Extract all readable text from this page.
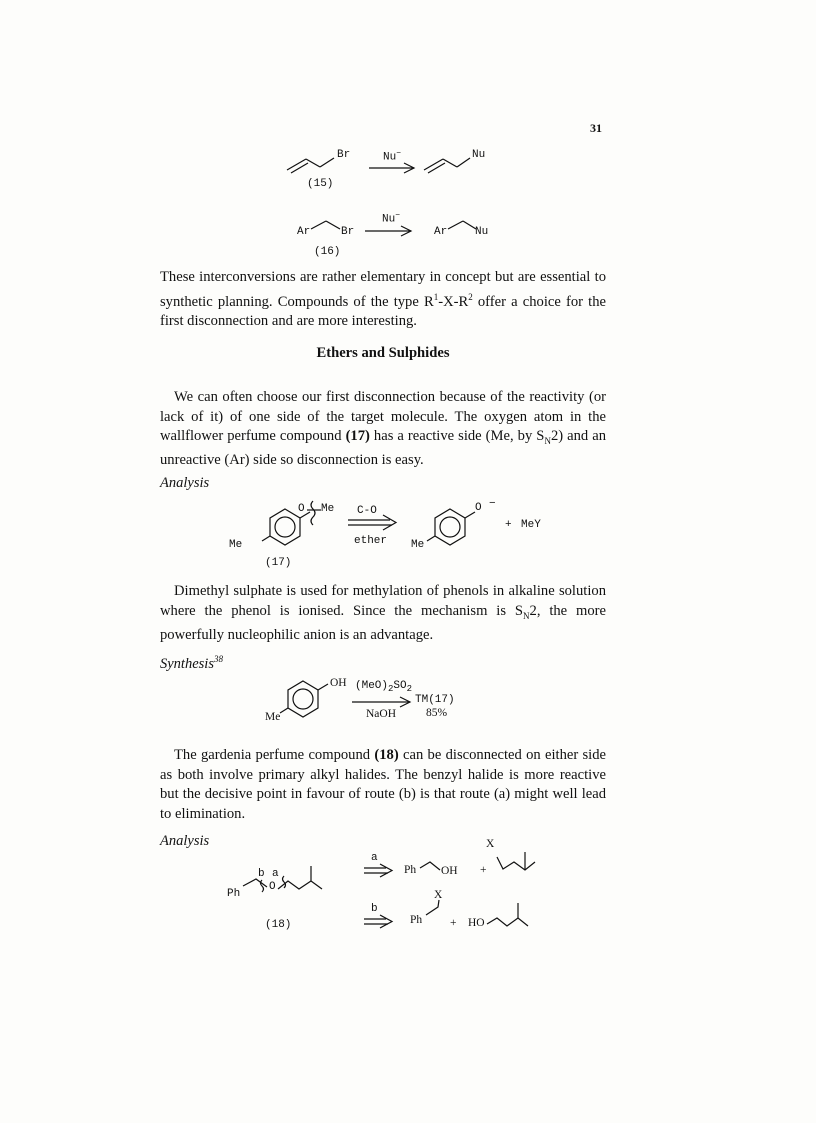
31
Br	Nu−	Nu
(15)
Ar	Br
Nu−
Ar	Nu
(16)
These interconversions are rather elementary in concept but are essential to synthetic planning. Compounds of the type $R^1-X-R^2$ offer a choice for the first disconnection and are more interesting.
Ethers and Sulphides
We can often choose our first disconnection because of the reactivity (or lack of it) of one side of the target molecule. The oxygen atom in the wallflower perfume compound (17) has a reactive side (Me, by $S_N2$) and an unreactive (Ar) side so disconnection is easy.
Analysis
O Me
Me
C-O
ether
O −
Me
+ MeY
(17)
Dimethyl sulphate is used for methylation of phenols in alkaline solution where the phenol is ionised. Since the mechanism is $S_N2$, the more powerfully nucleophilic anion is an advantage.
Synthesis$^{38}$
OH
Me
$(MeO)_2SO_2$
NaOH
TM(17)
85%
The gardenia perfume compound (18) can be disconnected on either side as both involve primary alkyl halides. The benzyl halide is more reactive but the decisive point in favour of route (b) is that route (a) might well lead to elimination.
Analysis
Ph
O
b a
(18)
a
Ph OH +
X
b
Ph
X
+ HO
